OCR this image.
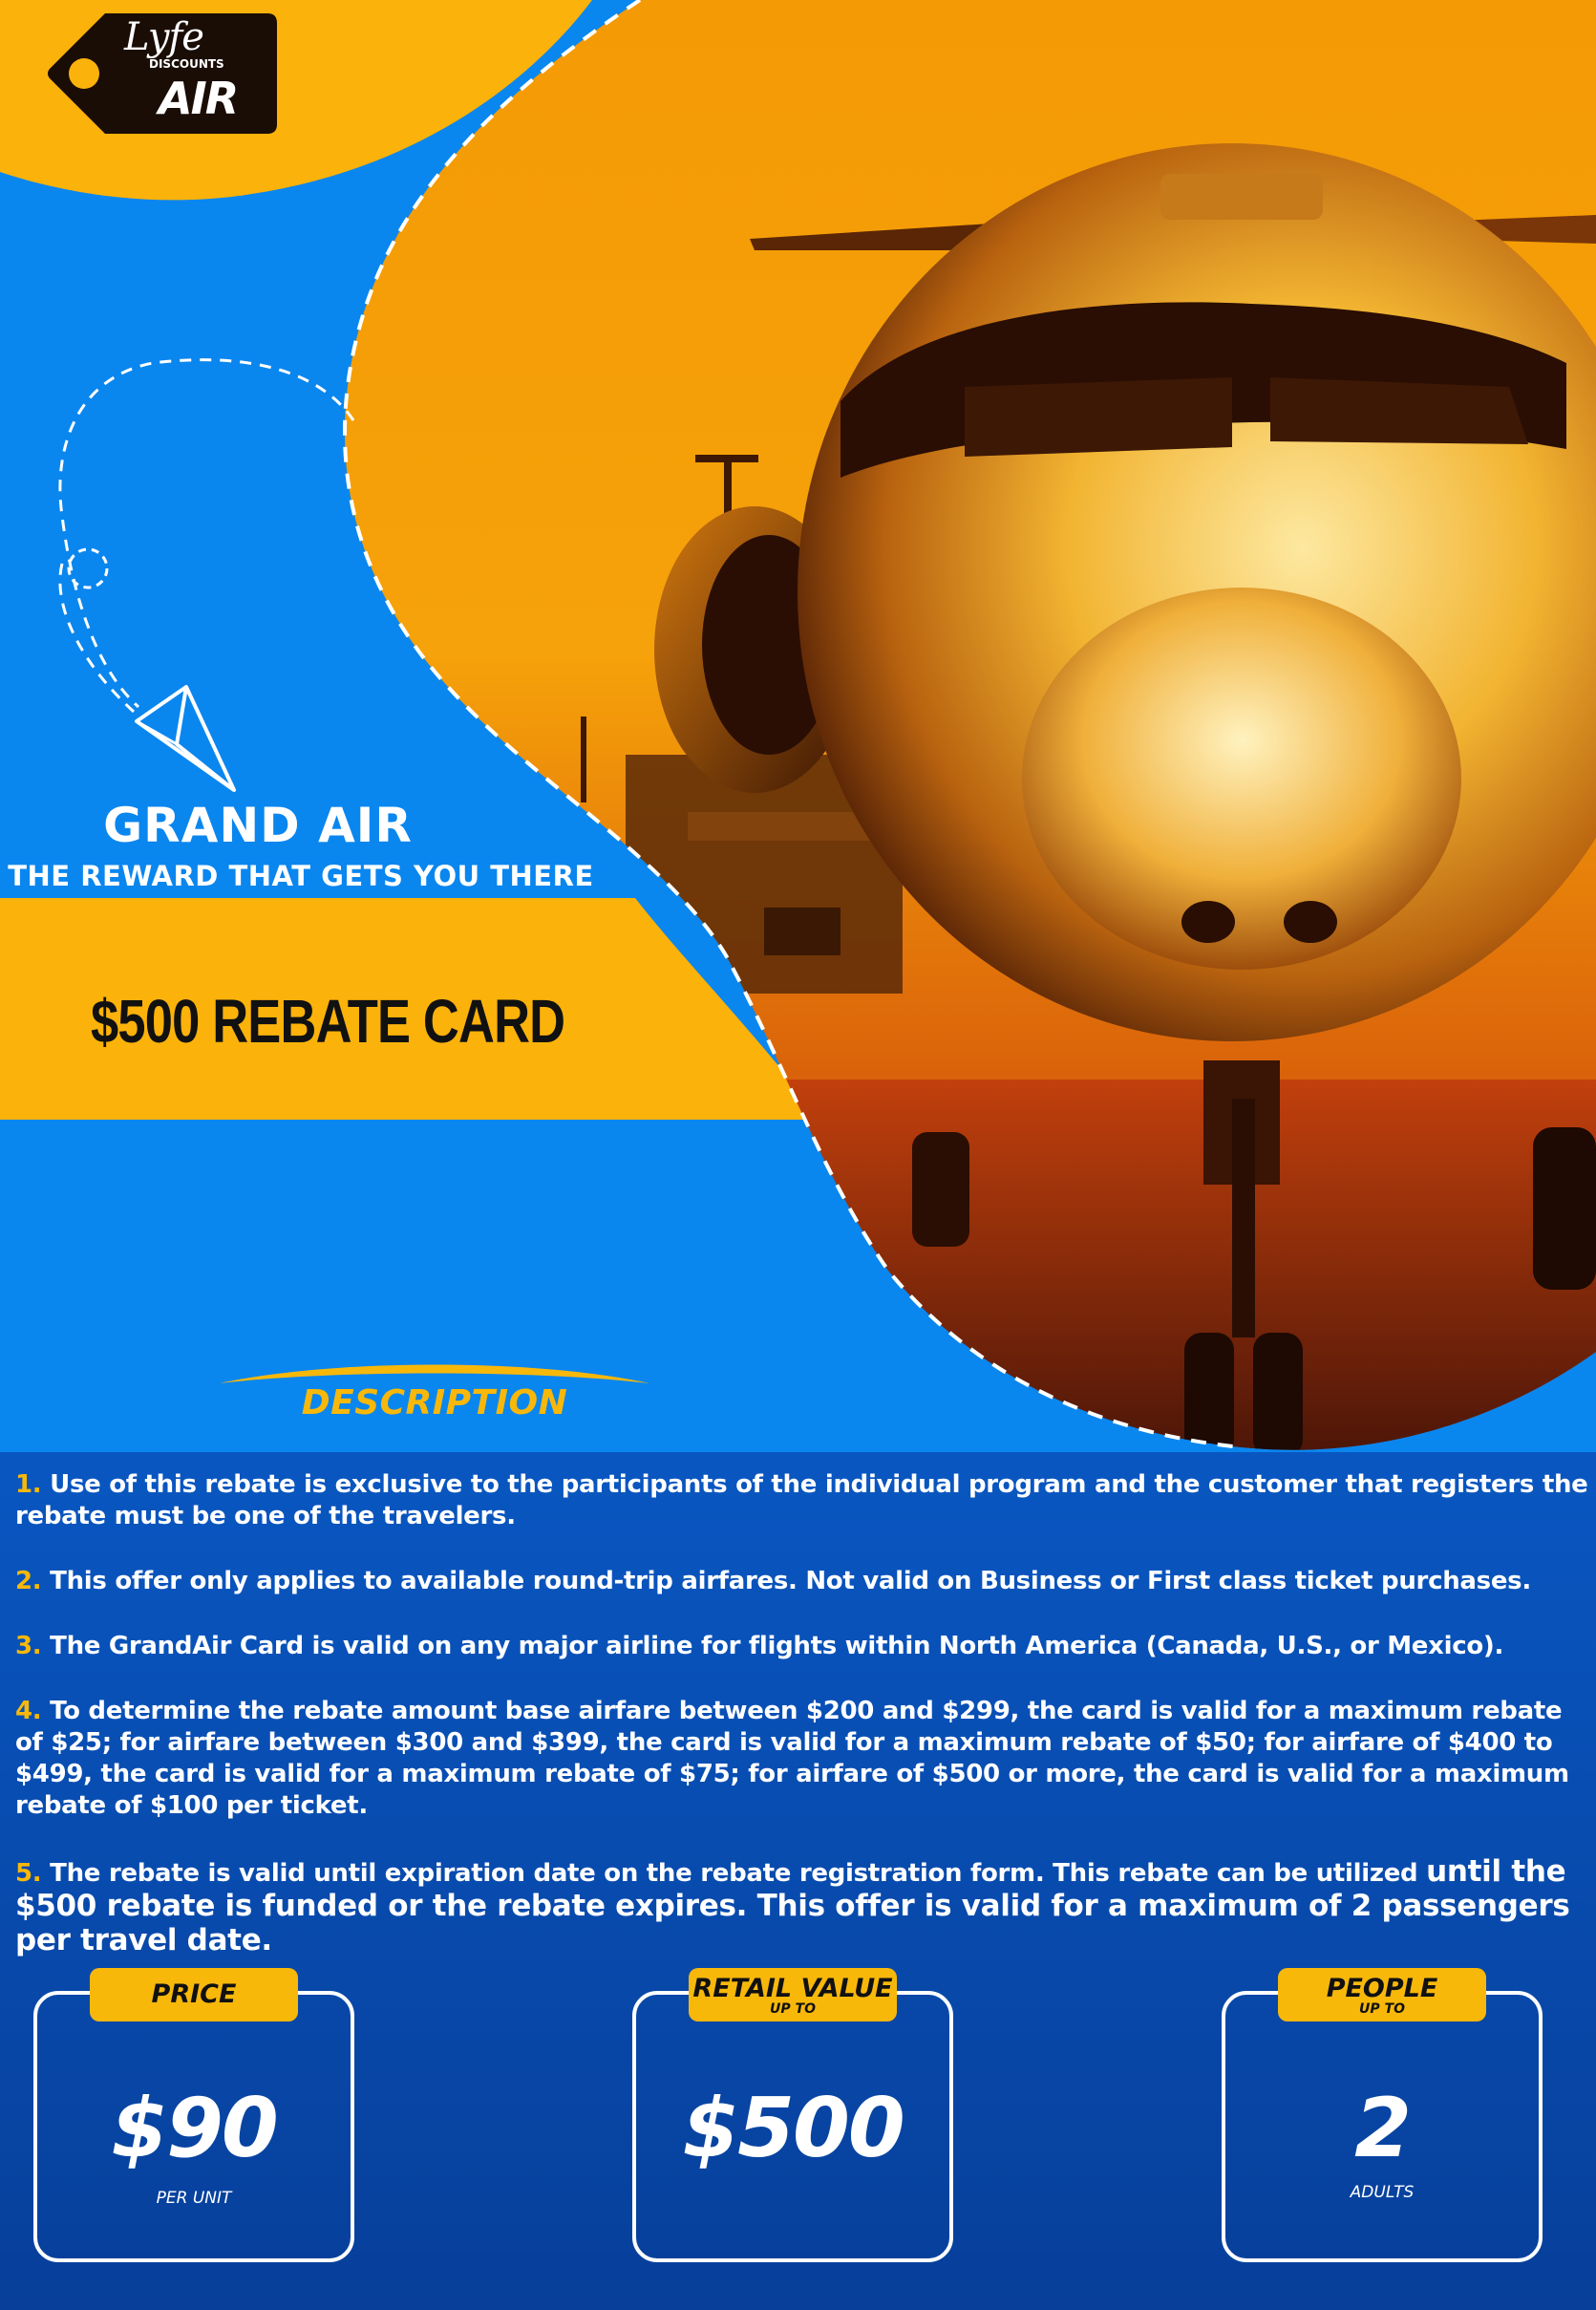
Lyfe
DISCOUNTS
AIR
GRAND AIR
THE REWARD THAT GETS YOU THERE
$500 REBATE CARD
DESCRIPTION

1. Use of this rebate is exclusive to the participants of the individual program and the customer that registers the rebate must be one of the travelers.

2. This offer only applies to available round-trip airfares. Not valid on Business or First class ticket purchases.

3. The GrandAir Card is valid on any major airline for flights within North America (Canada, U.S., or Mexico).

4. To determine the rebate amount base airfare between $200 and $299, the card is valid for a maximum rebate of $25; for airfare between $300 and $399, the card is valid for a maximum rebate of $50; for airfare of $400 to $499, the card is valid for a maximum rebate of $75; for airfare of $500 or more, the card is valid for a maximum rebate of $100 per ticket.

5. The rebate is valid until expiration date on the rebate registration form. This rebate can be utilized until the $500 rebate is funded or the rebate expires. This offer is valid for a maximum of 2 passengers per travel date.

PRICE
$90
PER UNIT
RETAIL VALUE
UP TO
$500
PEOPLE
UP TO
2
ADULTS
